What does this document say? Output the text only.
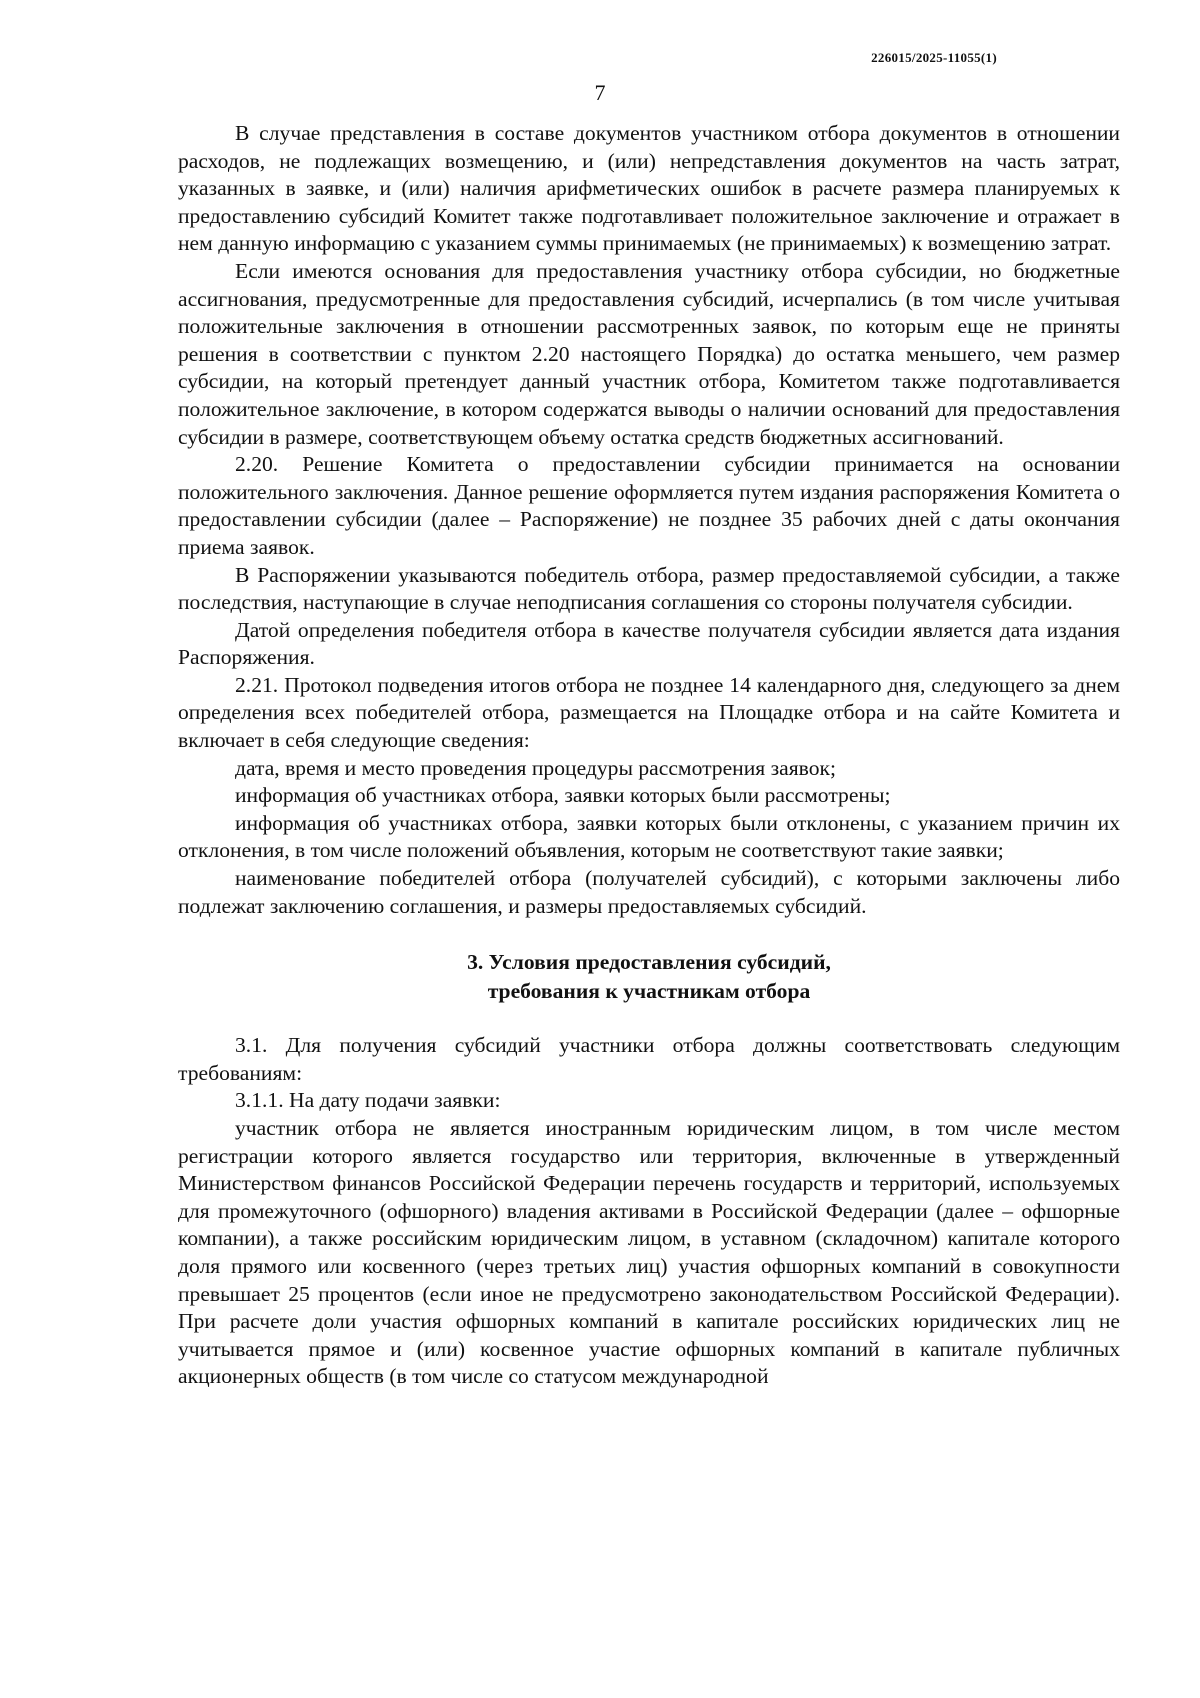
226015/2025-11055(1)
7

В случае представления в составе документов участником отбора документов в отношении расходов, не подлежащих возмещению, и (или) непредставления документов на часть затрат, указанных в заявке, и (или) наличия арифметических ошибок в расчете размера планируемых к предоставлению субсидий Комитет также подготавливает положительное заключение и отражает в нем данную информацию с указанием суммы принимаемых (не принимаемых) к возмещению затрат.

Если имеются основания для предоставления участнику отбора субсидии, но бюджетные ассигнования, предусмотренные для предоставления субсидий, исчерпались (в том числе учитывая положительные заключения в отношении рассмотренных заявок, по которым еще не приняты решения в соответствии с пунктом 2.20 настоящего Порядка) до остатка меньшего, чем размер субсидии, на который претендует данный участник отбора, Комитетом также подготавливается положительное заключение, в котором содержатся выводы о наличии оснований для предоставления субсидии в размере, соответствующем объему остатка средств бюджетных ассигнований.

2.20. Решение Комитета о предоставлении субсидии принимается на основании положительного заключения. Данное решение оформляется путем издания распоряжения Комитета о предоставлении субсидии (далее – Распоряжение) не позднее 35 рабочих дней с даты окончания приема заявок.

В Распоряжении указываются победитель отбора, размер предоставляемой субсидии, а также последствия, наступающие в случае неподписания соглашения со стороны получателя субсидии.

Датой определения победителя отбора в качестве получателя субсидии является дата издания Распоряжения.

2.21. Протокол подведения итогов отбора не позднее 14 календарного дня, следующего за днем определения всех победителей отбора, размещается на Площадке отбора и на сайте Комитета и включает в себя следующие сведения:

дата, время и место проведения процедуры рассмотрения заявок;

информация об участниках отбора, заявки которых были рассмотрены;

информация об участниках отбора, заявки которых были отклонены, с указанием причин их отклонения, в том числе положений объявления, которым не соответствуют такие заявки;

наименование победителей отбора (получателей субсидий), с которыми заключены либо подлежат заключению соглашения, и размеры предоставляемых субсидий.

3. Условия предоставления субсидий,
требования к участникам отбора

3.1. Для получения субсидий участники отбора должны соответствовать следующим требованиям:

3.1.1. На дату подачи заявки:

участник отбора не является иностранным юридическим лицом, в том числе местом регистрации которого является государство или территория, включенные в утвержденный Министерством финансов Российской Федерации перечень государств и территорий, используемых для промежуточного (офшорного) владения активами в Российской Федерации (далее – офшорные компании), а также российским юридическим лицом, в уставном (складочном) капитале которого доля прямого или косвенного (через третьих лиц) участия офшорных компаний в совокупности превышает 25 процентов (если иное не предусмотрено законодательством Российской Федерации). При расчете доли участия офшорных компаний в капитале российских юридических лиц не учитывается прямое и (или) косвенное участие офшорных компаний в капитале публичных акционерных обществ (в том числе со статусом международной
